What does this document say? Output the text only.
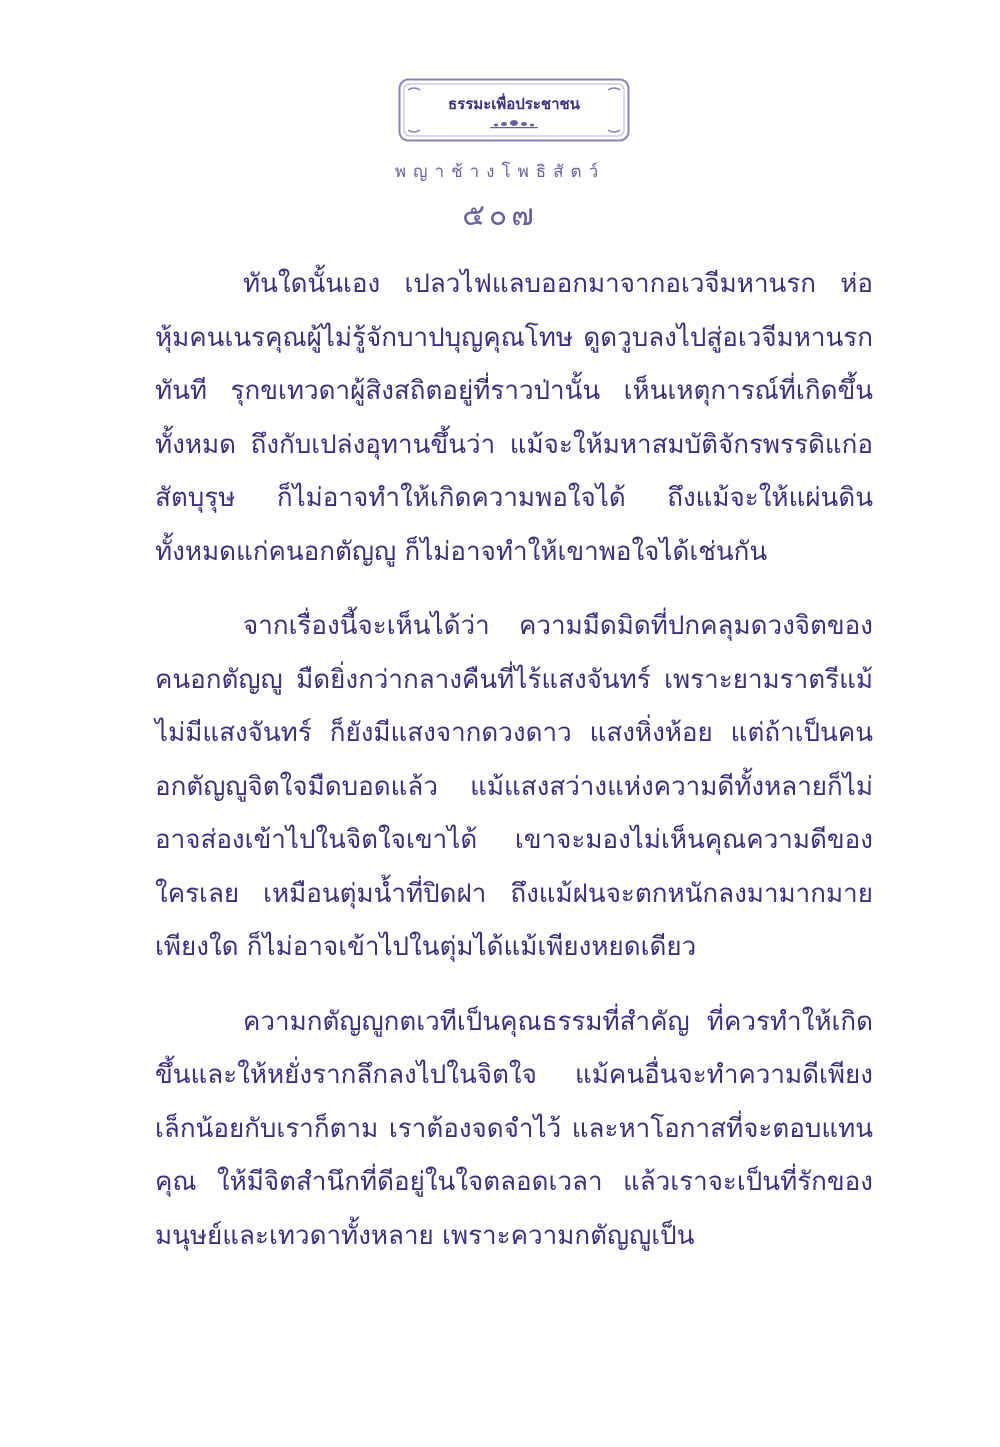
ธรรมะเพื่อประชาชน
พญาช้างโพธิสัตว์
๕๐๗

ทันใดนั้นเอง เปลวไฟแลบออกมาจากอเวจีมหานรก ห่อหุ้มคนเนรคุณผู้ไม่รู้จักบาปบุญคุณโทษ ดูดวูบลงไปสู่อเวจีมหานรกทันที รุกขเทวดาผู้สิงสถิตอยู่ที่ราวป่านั้น เห็นเหตุการณ์ที่เกิดขึ้นทั้งหมด ถึงกับเปล่งอุทานขึ้นว่า แม้จะให้มหาสมบัติจักรพรรดิแก่อสัตบุรุษ ก็ไม่อาจทำให้เกิดความพอใจได้ ถึงแม้จะให้แผ่นดินทั้งหมดแก่คนอกตัญญู ก็ไม่อาจทำให้เขาพอใจได้เช่นกัน

จากเรื่องนี้จะเห็นได้ว่า ความมืดมิดที่ปกคลุมดวงจิตของคนอกตัญญู มืดยิ่งกว่ากลางคืนที่ไร้แสงจันทร์ เพราะยามราตรีแม้ไม่มีแสงจันทร์ ก็ยังมีแสงจากดวงดาว แสงหิ่งห้อย แต่ถ้าเป็นคนอกตัญญูจิตใจมืดบอดแล้ว แม้แสงสว่างแห่งความดีทั้งหลายก็ไม่อาจส่องเข้าไปในจิตใจเขาได้ เขาจะมองไม่เห็นคุณความดีของใครเลย เหมือนตุ่มน้ำที่ปิดฝา ถึงแม้ฝนจะตกหนักลงมามากมายเพียงใด ก็ไม่อาจเข้าไปในตุ่มได้แม้เพียงหยดเดียว

ความกตัญญูกตเวทีเป็นคุณธรรมที่สำคัญ ที่ควรทำให้เกิดขึ้นและให้หยั่งรากลึกลงไปในจิตใจ แม้คนอื่นจะทำความดีเพียงเล็กน้อยกับเราก็ตาม เราต้องจดจำไว้ และหาโอกาสที่จะตอบแทนคุณ ให้มีจิตสำนึกที่ดีอยู่ในใจตลอดเวลา แล้วเราจะเป็นที่รักของมนุษย์และเทวดาทั้งหลาย เพราะความกตัญญูเป็น
